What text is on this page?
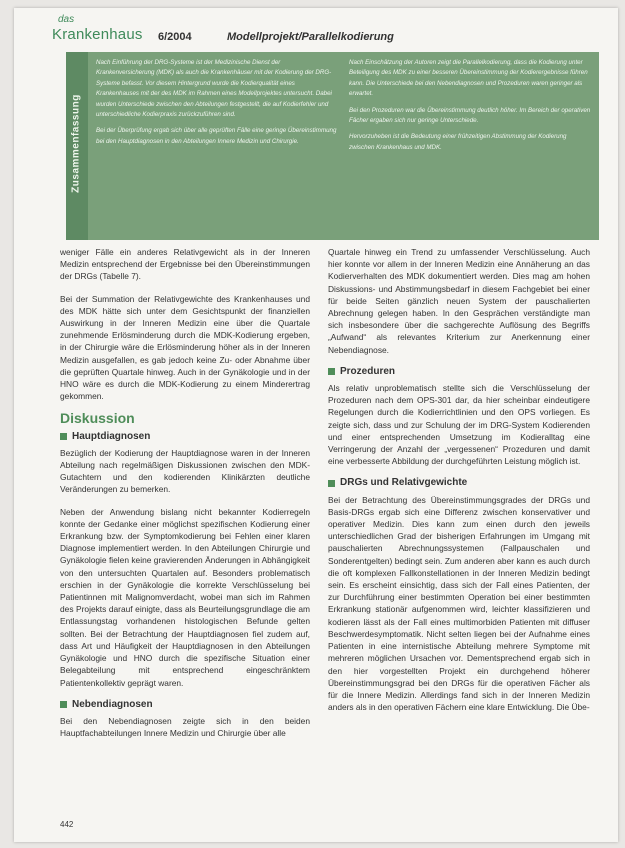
das
Krankenhaus 6/2004	Modellprojekt/Parallelkodierung
Zusammenfassung

Nach Einführung der DRG-Systeme ist der Medizinische Dienst der Krankenversicherung (MDK) als auch die Krankenhäuser mit der Kodierung der DRG-Systeme befasst. Vor diesem Hintergrund wurde die Kodierqualität eines Krankenhauses mit der des MDK im Rahmen eines Modellprojektes untersucht. Dabei wurden Unterschiede zwischen den Abteilungen festgestellt, die auf Kodierfehler und unterschiedliche Kodierpraxis zurückzuführen sind.

Bei der Überprüfung ergab sich über alle geprüften Fälle eine geringe Übereinstimmung bei den Hauptdiagnosen in den Abteilungen Innere Medizin und Chirurgie.

Nach Einschätzung der Autoren zeigt die Parallelkodierung, dass die Kodierung unter Beteiligung des MDK zu einer besseren Übereinstimmung der Kodierergebnisse führen kann. Die Unterschiede bei den Nebendiagnosen und Prozeduren waren geringer als erwartet.

Bei den Prozeduren war die Übereinstimmung deutlich höher. Im Bereich der operativen Fächer ergaben sich nur geringe Unterschiede.

Hervorzuheben ist die Bedeutung einer frühzeitigen Abstimmung der Kodierung zwischen Krankenhaus und MDK.

weniger Fälle ein anderes Relativgewicht als in der Inneren Medizin entsprechend der Ergebnisse bei den Übereinstimmungen der DRGs (Tabelle 7).

Bei der Summation der Relativgewichte des Krankenhauses und des MDK hätte sich unter dem Gesichtspunkt der finanziellen Auswirkung in der Inneren Medizin eine über die Quartale zunehmende Erlösminderung durch die MDK-Kodierung ergeben, in der Chirurgie wäre die Erlösminderung höher als in der Inneren Medizin ausgefallen, es gab jedoch keine Zu- oder Abnahme über die geprüften Quartale hinweg. Auch in der Gynäkologie und in der HNO wäre es durch die MDK-Kodierung zu einem Minderertrag gekommen.

Diskussion
Hauptdiagnosen

Bezüglich der Kodierung der Hauptdiagnose waren in der Inneren Abteilung nach regelmäßigen Diskussionen zwischen den MDK-Gutachtern und den kodierenden Klinikärzten deutliche Veränderungen zu bemerken.

Neben der Anwendung bislang nicht bekannter Kodierregeln konnte der Gedanke einer möglichst spezifischen Kodierung einer Erkrankung bzw. der Symptomkodierung bei Fehlen einer klaren Diagnose implementiert werden. In den Abteilungen Chirurgie und Gynäkologie fielen keine gravierenden Änderungen in Abhängigkeit von den untersuchten Quartalen auf. Besonders problematisch erschien in der Gynäkologie die korrekte Verschlüsselung bei Patientinnen mit Malignomverdacht, wobei man sich im Rahmen des Projekts darauf einigte, dass als Beurteilungsgrundlage die am Entlassungstag vorhandenen histologischen Befunde gelten sollten. Bei der Betrachtung der Hauptdiagnosen fiel zudem auf, dass Art und Häufigkeit der Hauptdiagnosen in den Abteilungen Gynäkologie und HNO durch die spezifische Situation einer Belegabteilung mit entsprechend eingeschränktem Patientenkollektiv geprägt waren.

Nebendiagnosen

Bei den Nebendiagnosen zeigte sich in den beiden Hauptfachabteilungen Innere Medizin und Chirurgie über alle

Quartale hinweg ein Trend zu umfassender Verschlüsselung. Auch hier konnte vor allem in der Inneren Medizin eine Annäherung an das Kodierverhalten des MDK dokumentiert werden. Dies mag am hohen Diskussions- und Abstimmungsbedarf in diesem Fachgebiet bei einer für beide Seiten gänzlich neuen System der pauschalierten Abrechnung gelegen haben. In den Gesprächen verständigte man sich insbesondere über die sachgerechte Auflösung des Begriffs „Aufwand“ als relevantes Kriterium zur Anerkennung einer Nebendiagnose.

Prozeduren

Als relativ unproblematisch stellte sich die Verschlüsselung der Prozeduren nach dem OPS-301 dar, da hier scheinbar eindeutigere Regelungen durch die Kodierrichtlinien und den OPS vorliegen. Es zeigte sich, dass und zur Schulung der im DRG-System Kodierenden und einer entsprechenden Umsetzung im Kodieralltag eine Verringerung der Anzahl der „vergessenen“ Prozeduren und damit eine verbesserte Abbildung der durchgeführten Leistung möglich ist.

DRGs und Relativgewichte

Bei der Betrachtung des Übereinstimmungsgrades der DRGs und Basis-DRGs ergab sich eine Differenz zwischen konservativer und operativer Medizin. Dies kann zum einen durch den jeweils unterschiedlichen Grad der bisherigen Erfahrungen im Umgang mit pauschalierten Abrechnungssystemen (Fallpauschalen und Sonderentgelten) bedingt sein. Zum anderen aber kann es auch durch die oft komplexen Fallkonstellationen in der Inneren Medizin bedingt sein. Es erscheint einsichtig, dass sich der Fall eines Patienten, der zur Durchführung einer bestimmten Operation bei einer bestimmten Erkrankung stationär aufgenommen wird, leichter klassifizieren und kodieren lässt als der Fall eines multimorbiden Patienten mit diffuser Beschwerdesymptomatik. Nicht selten liegen bei der Aufnahme eines Patienten in eine internistische Abteilung mehrere Symptome mit mehreren möglichen Ursachen vor. Dementsprechend ergab sich in den hier vorgestellten Projekt ein durchgehend höherer Übereinstimmungsgrad bei den DRGs für die operativen Fächer als für die Innere Medizin. Allerdings fand sich in der Inneren Medizin anders als in den operativen Fächern eine klare Entwicklung. Die Übe-

442
